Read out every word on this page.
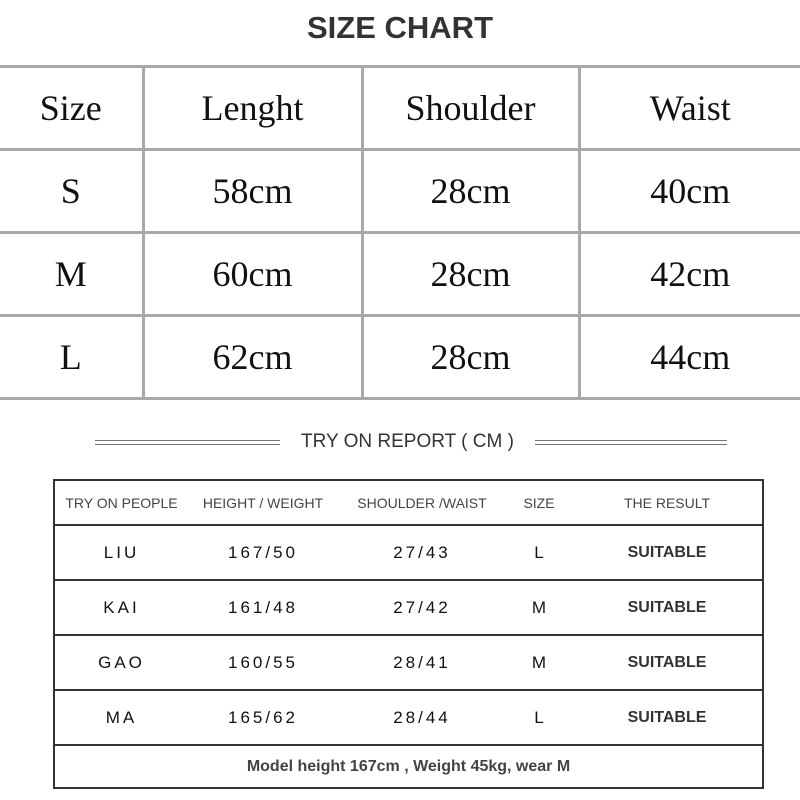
SIZE CHART
Size	Lenght	Shoulder	Waist
S	58cm	28cm	40cm
M	60cm	28cm	42cm
L	62cm	28cm	44cm
TRY ON REPORT ( CM )
TRY ON PEOPLE	HEIGHT / WEIGHT	SHOULDER /WAIST	SIZE	THE RESULT
LIU	167/50	27/43	L	SUITABLE
KAI	161/48	27/42	M	SUITABLE
GAO	160/55	28/41	M	SUITABLE
MA	165/62	28/44	L	SUITABLE
Model height 167cm , Weight 45kg, wear M				
